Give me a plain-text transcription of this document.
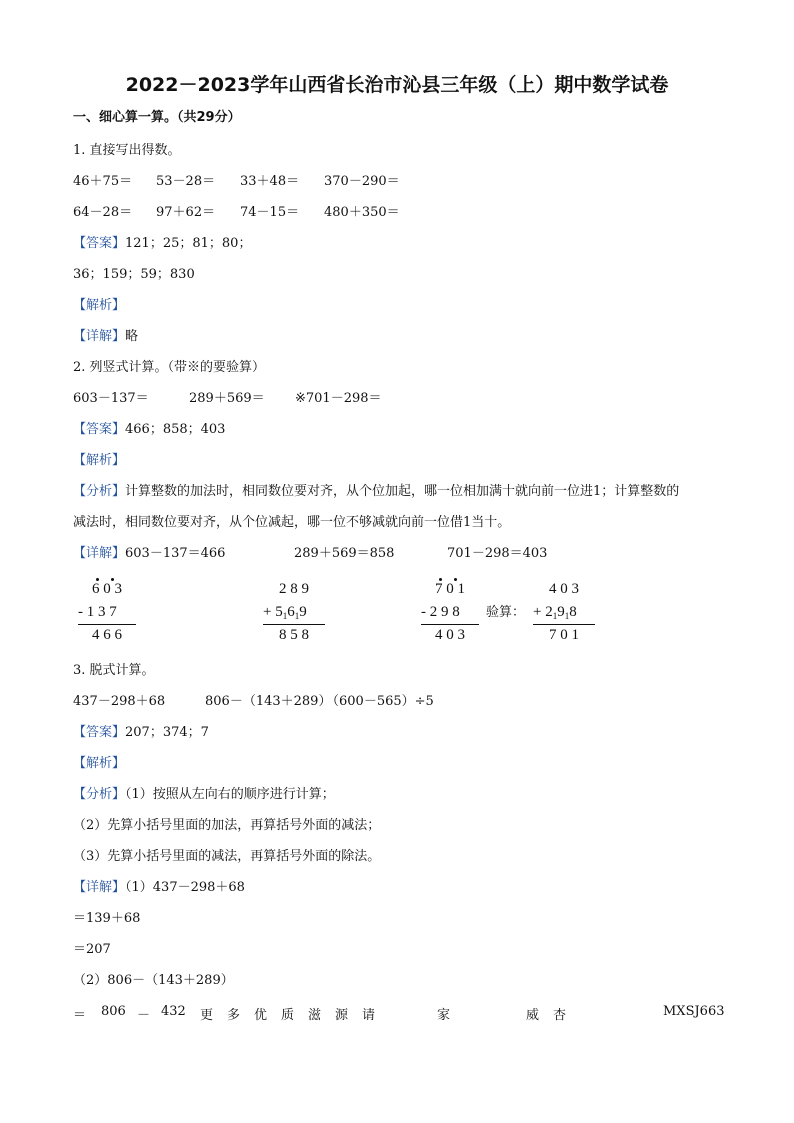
2022－2023学年山西省长治市沁县三年级（上）期中数学试卷
一、细心算一算。（共29分）
1. 直接写出得数。
46＋75＝ 53－28＝ 33＋48＝ 370－290＝
64－28＝ 97＋62＝ 74－15＝ 480＋350＝
【答案】121；25；81；80；
36；159；59；830
【解析】
【详解】略
2. 列竖式计算。（带※的要验算）
603－137＝	289＋569＝ ※701－298＝
【答案】466；858；403
【解析】
【分析】计算整数的加法时，相同数位要对齐，从个位加起，哪一位相加满十就向前一位进1；计算整数的
减法时，相同数位要对齐，从个位减起，哪一位不够减就向前一位借1当十。
【详解】603－137＝466	289＋569＝858	701－298＝403
6 0 3
- 1 3 7
4 6 6
2 8 9
+ $5_16_19$
8 5 8
7 0 1
- 2 9 8
4 0 3
验算：
4 0 3
+ $2_19_18$
7 0 1
3. 脱式计算。
437－298＋68	806－（143＋289）（600－565）÷5
【答案】207；374；7
【解析】
【分析】（1）按照从左向右的顺序进行计算；
（2）先算小括号里面的加法，再算括号外面的减法；
（3）先算小括号里面的减法，再算括号外面的除法。
【详解】（1）437－298＋68
＝139＋68
＝207
（2）806－（143＋289）
＝ 806 － 432 更 多 优 质 滋 源 请	家	威 杏	MXSJ663
